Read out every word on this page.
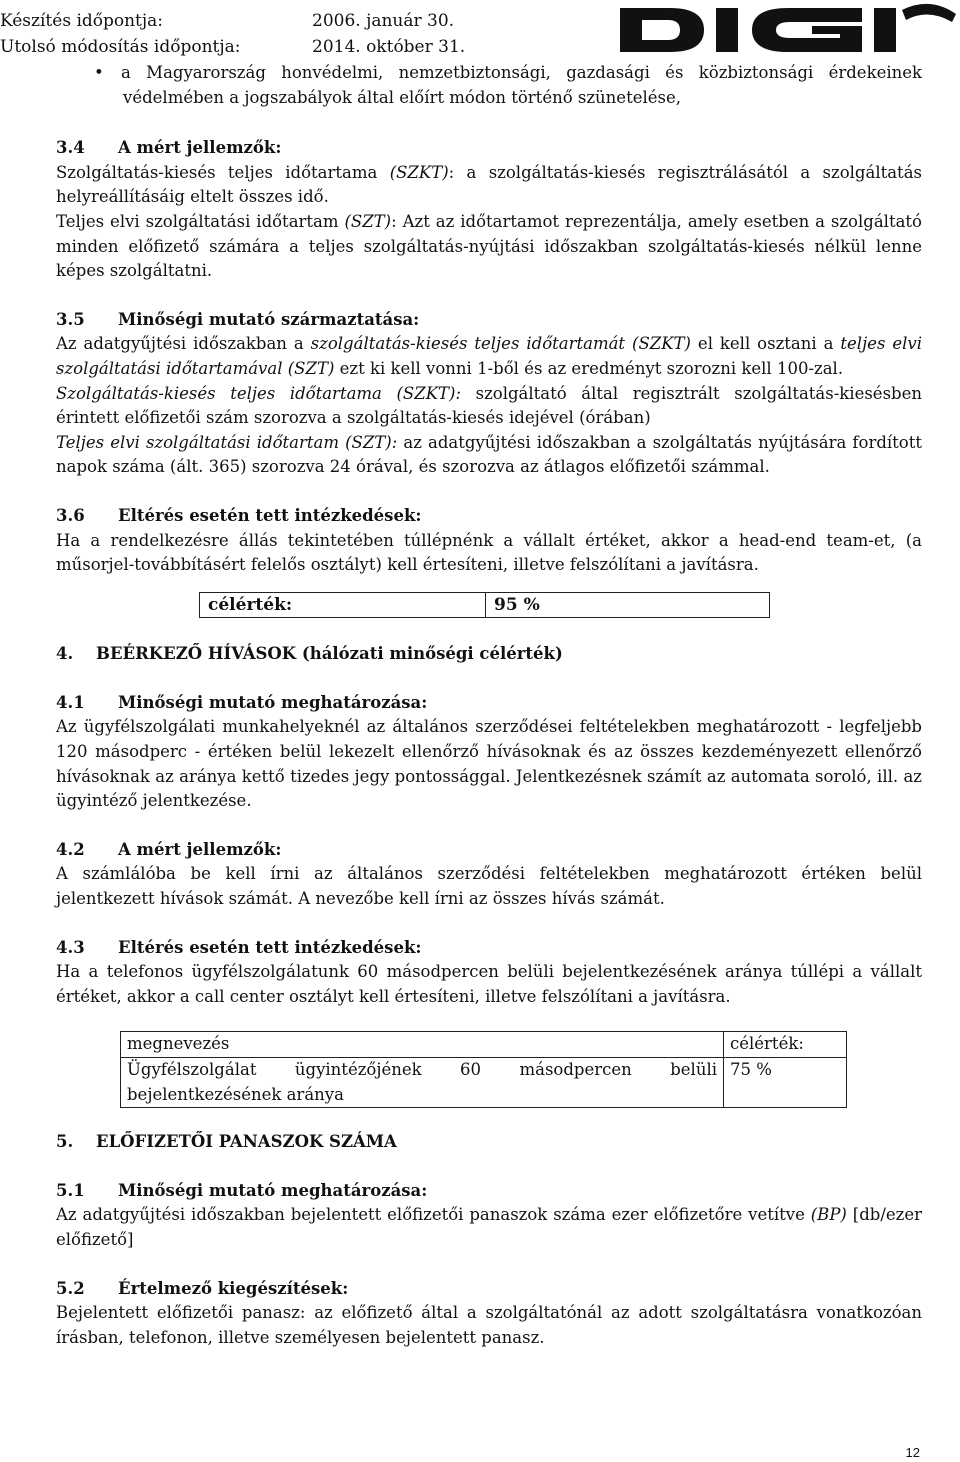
Készítés időpontja:	2006. január 30.
Utolsó módosítás időpontja:	2014. október 31.
• a Magyarország honvédelmi, nemzetbiztonsági, gazdasági és közbiztonsági érdekeinek
védelmében a jogszabályok által előírt módon történő szünetelése,

3.4 A mért jellemzők:

Szolgáltatás-kiesés teljes időtartama (SZKT): a szolgáltatás-kiesés regisztrálásától a szolgáltatás helyreállításáig eltelt összes idő.

Teljes elvi szolgáltatási időtartam (SZT): Azt az időtartamot reprezentálja, amely esetben a szolgáltató minden előfizető számára a teljes szolgáltatás-nyújtási időszakban szolgáltatás-kiesés nélkül lenne képes szolgáltatni.

3.5 Minőségi mutató származtatása:

Az adatgyűjtési időszakban a szolgáltatás-kiesés teljes időtartamát (SZKT) el kell osztani a teljes elvi szolgáltatási időtartamával (SZT) ezt ki kell vonni 1-ből és az eredményt szorozni kell 100-zal.

Szolgáltatás-kiesés teljes időtartama (SZKT): szolgáltató által regisztrált szolgáltatás-kiesésben érintett előfizetői szám szorozva a szolgáltatás-kiesés idejével (órában)

Teljes elvi szolgáltatási időtartam (SZT): az adatgyűjtési időszakban a szolgáltatás nyújtására fordított napok száma (ált. 365) szorozva 24 órával, és szorozva az átlagos előfizetői számmal.

3.6 Eltérés esetén tett intézkedések:

Ha a rendelkezésre állás tekintetében túllépnénk a vállalt értéket, akkor a head-end team-et, (a műsorjel-továbbításért felelős osztályt) kell értesíteni, illetve felszólítani a javításra.

célérték:	95 %

4. BEÉRKEZŐ HÍVÁSOK (hálózati minőségi célérték)

4.1 Minőségi mutató meghatározása:

Az ügyfélszolgálati munkahelyeknél az általános szerződései feltételekben meghatározott - legfeljebb 120 másodperc - értéken belül lekezelt ellenőrző hívásoknak és az összes kezdeményezett ellenőrző hívásoknak az aránya kettő tizedes jegy pontossággal. Jelentkezésnek számít az automata soroló, ill. az ügyintéző jelentkezése.

4.2 A mért jellemzők:

A számlálóba be kell írni az általános szerződési feltételekben meghatározott értéken belül jelentkezett hívások számát. A nevezőbe kell írni az összes hívás számát.

4.3 Eltérés esetén tett intézkedések:

Ha a telefonos ügyfélszolgálatunk 60 másodpercen belüli bejelentkezésének aránya túllépi a vállalt értéket, akkor a call center osztályt kell értesíteni, illetve felszólítani a javításra.

megnevezés	célérték:
Ügyfélszolgálat ügyintézőjének 60 másodpercen belüli bejelentkezésének aránya	75 %

5. ELŐFIZETŐI PANASZOK SZÁMA

5.1 Minőségi mutató meghatározása:

Az adatgyűjtési időszakban bejelentett előfizetői panaszok száma ezer előfizetőre vetítve (BP) [db/ezer előfizető]

5.2 Értelmező kiegészítések:

Bejelentett előfizetői panasz: az előfizető által a szolgáltatónál az adott szolgáltatásra vonatkozóan írásban, telefonon, illetve személyesen bejelentett panasz.

12
